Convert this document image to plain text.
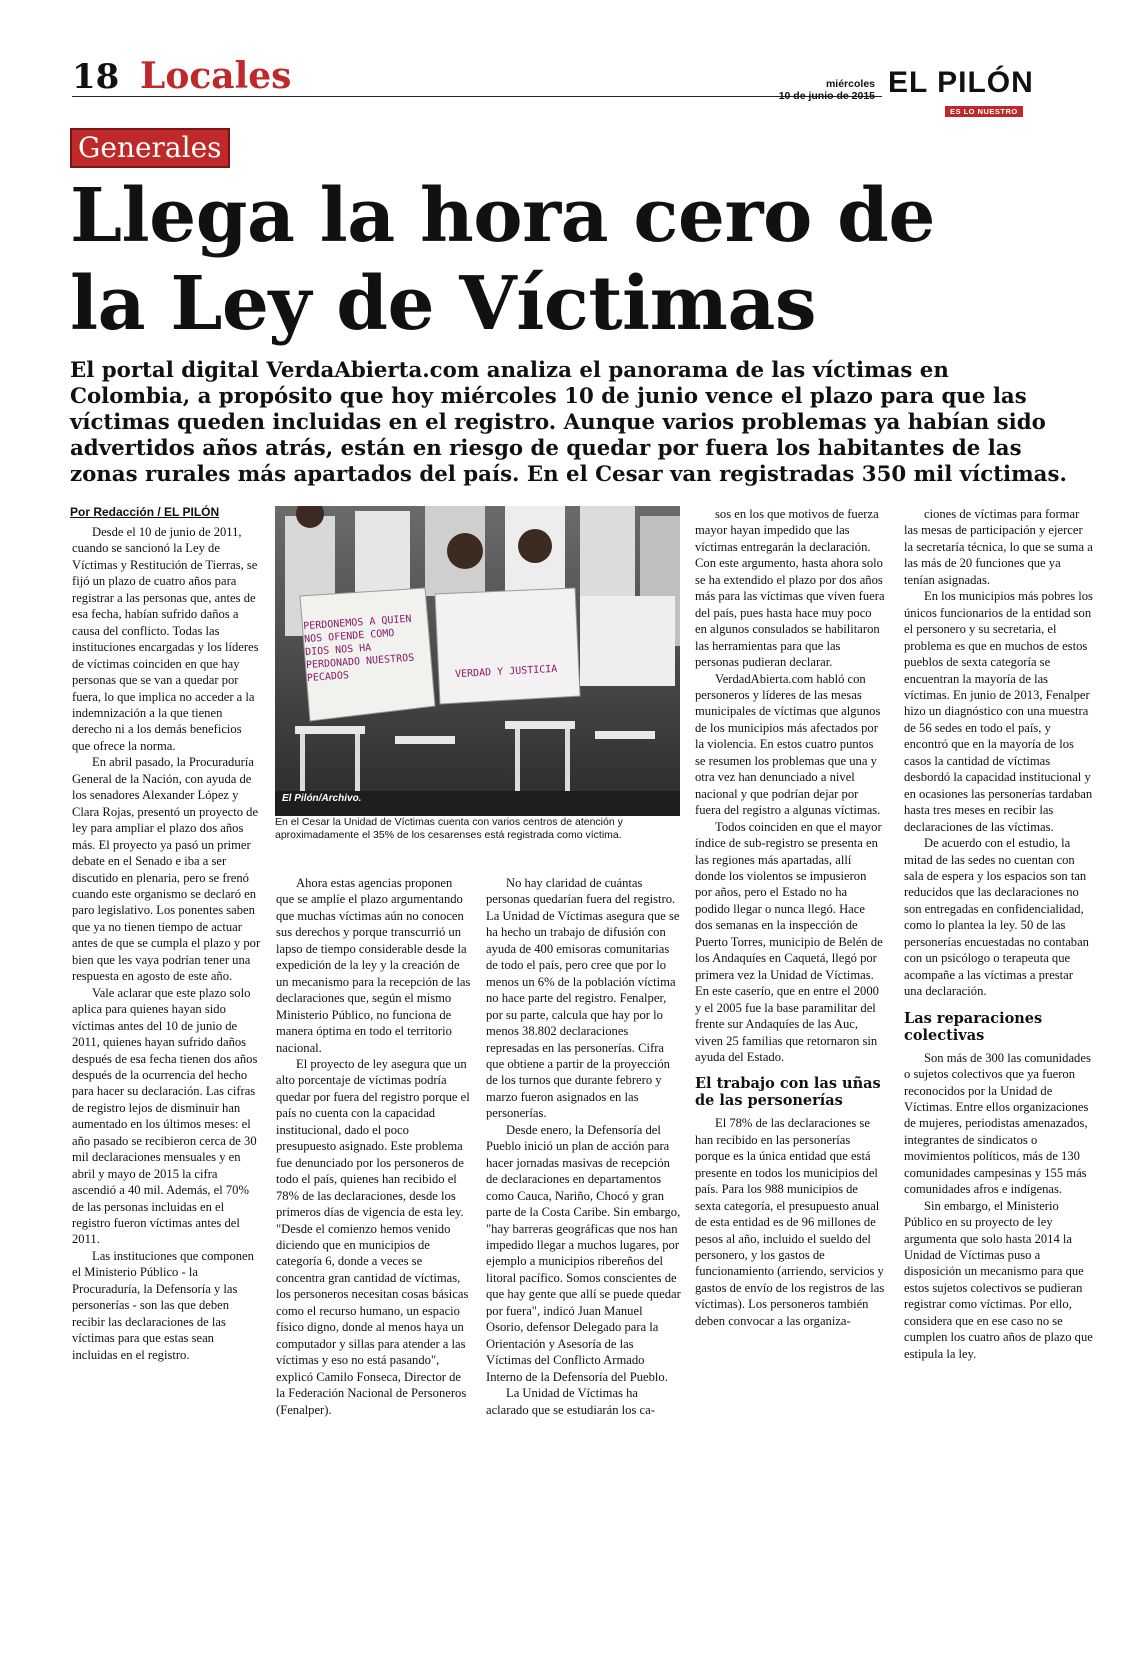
18 Locales	miércoles
10 de junio de 2015 EL PILÓN
ES LO NUESTRO
Generales
Llega la hora cero de
la Ley de Víctimas
El portal digital VerdaAbierta.com analiza el panorama de las víctimas en Colombia, a propósito que hoy miércoles 10 de junio vence el plazo para que las víctimas queden incluidas en el registro. Aunque varios problemas ya habían sido advertidos años atrás, están en riesgo de quedar por fuera los habitantes de las zonas rurales más apartados del país. En el Cesar van registradas 350 mil víctimas.
Por Redacción / EL PILÓN
PERDONEMOS A QUIEN NOS OFENDE COMO DIOS NOS HA PERDONADO NUESTROS PECADOS	VERDAD Y JUSTICIA
El Pilón/Archivo.
En el Cesar la Unidad de Víctimas cuenta con varios centros de atención y aproximadamente el 35% de los cesarenses está registrada como víctima.

Desde el 10 de junio de 2011, cuando se sancionó la Ley de Víctimas y Restitución de Tierras, se fijó un plazo de cuatro años para registrar a las personas que, antes de esa fecha, habían sufrido daños a causa del conflicto. Todas las instituciones encargadas y los líderes de víctimas coinciden en que hay personas que se van a quedar por fuera, lo que implica no acceder a la indemnización a la que tienen derecho ni a los demás beneficios que ofrece la norma.

En abril pasado, la Procuraduría General de la Nación, con ayuda de los senadores Alexander López y Clara Rojas, presentó un proyecto de ley para ampliar el plazo dos años más. El proyecto ya pasó un primer debate en el Senado e iba a ser discutido en plenaria, pero se frenó cuando este organismo se declaró en paro legislativo. Los ponentes saben que ya no tienen tiempo de actuar antes de que se cumpla el plazo y por bien que les vaya podrían tener una respuesta en agosto de este año.

Vale aclarar que este plazo solo aplica para quienes hayan sido víctimas antes del 10 de junio de 2011, quienes hayan sufrido daños después de esa fecha tienen dos años después de la ocurrencia del hecho para hacer su declaración. Las cifras de registro lejos de disminuir han aumentado en los últimos meses: el año pasado se recibieron cerca de 30 mil declaraciones mensuales y en abril y mayo de 2015 la cifra ascendió a 40 mil. Además, el 70% de las personas incluidas en el registro fueron víctimas antes del 2011.

Las instituciones que componen el Ministerio Público - la Procuraduría, la Defensoría y las personerías - son las que deben recibir las declaraciones de las víctimas para que estas sean incluidas en el registro.

Ahora estas agencias proponen que se amplíe el plazo argumentando que muchas víctimas aún no conocen sus derechos y porque transcurrió un lapso de tiempo considerable desde la expedición de la ley y la creación de un mecanismo para la recepción de las declaraciones que, según el mismo Ministerio Público, no funciona de manera óptima en todo el territorio nacional.

El proyecto de ley asegura que un alto porcentaje de víctimas podría quedar por fuera del registro porque el país no cuenta con la capacidad institucional, dado el poco presupuesto asignado. Este problema fue denunciado por los personeros de todo el país, quienes han recibido el 78% de las declaraciones, desde los primeros días de vigencia de esta ley. "Desde el comienzo hemos venido diciendo que en municipios de categoría 6, donde a veces se concentra gran cantidad de víctimas, los personeros necesitan cosas básicas como el recurso humano, un espacio físico digno, donde al menos haya un computador y sillas para atender a las víctimas y eso no está pasando", explicó Camilo Fonseca, Director de la Federación Nacional de Personeros (Fenalper).

No hay claridad de cuántas personas quedarían fuera del registro. La Unidad de Víctimas asegura que se ha hecho un trabajo de difusión con ayuda de 400 emisoras comunitarias de todo el país, pero cree que por lo menos un 6% de la población víctima no hace parte del registro. Fenalper, por su parte, calcula que hay por lo menos 38.802 declaraciones represadas en las personerías. Cifra que obtiene a partir de la proyección de los turnos que durante febrero y marzo fueron asignados en las personerías.

Desde enero, la Defensoría del Pueblo inició un plan de acción para hacer jornadas masivas de recepción de declaraciones en departamentos como Cauca, Nariño, Chocó y gran parte de la Costa Caribe. Sin embargo, "hay barreras geográficas que nos han impedido llegar a muchos lugares, por ejemplo a municipios ribereños del litoral pacífico. Somos conscientes de que hay gente que allí se puede quedar por fuera", indicó Juan Manuel Osorio, defensor Delegado para la Orientación y Asesoría de las Víctimas del Conflicto Armado Interno de la Defensoría del Pueblo.

La Unidad de Víctimas ha aclarado que se estudiarán los ca-

sos en los que motivos de fuerza mayor hayan impedido que las víctimas entregarán la declaración. Con este argumento, hasta ahora solo se ha extendido el plazo por dos años más para las víctimas que viven fuera del país, pues hasta hace muy poco en algunos consulados se habilitaron las herramientas para que las personas pudieran declarar.

VerdadAbierta.com habló con personeros y líderes de las mesas municipales de víctimas que algunos de los municipios más afectados por la violencia. En estos cuatro puntos se resumen los problemas que una y otra vez han denunciado a nivel nacional y que podrían dejar por fuera del registro a algunas víctimas.

Todos coinciden en que el mayor índice de sub-registro se presenta en las regiones más apartadas, allí donde los violentos se impusieron por años, pero el Estado no ha podido llegar o nunca llegó. Hace dos semanas en la inspección de Puerto Torres, municipio de Belén de los Andaquíes en Caquetá, llegó por primera vez la Unidad de Víctimas. En este caserío, que en entre el 2000 y el 2005 fue la base paramilitar del frente sur Andaquíes de las Auc, viven 25 familias que retornaron sin ayuda del Estado.

El trabajo con las uñas de las personerías

El 78% de las declaraciones se han recibido en las personerías porque es la única entidad que está presente en todos los municipios del país. Para los 988 municipios de sexta categoría, el presupuesto anual de esta entidad es de 96 millones de pesos al año, incluido el sueldo del personero, y los gastos de funcionamiento (arriendo, servicios y gastos de envío de los registros de las víctimas). Los personeros también deben convocar a las organiza-

ciones de víctimas para formar las mesas de participación y ejercer la secretaría técnica, lo que se suma a las más de 20 funciones que ya tenían asignadas.

En los municipios más pobres los únicos funcionarios de la entidad son el personero y su secretaria, el problema es que en muchos de estos pueblos de sexta categoría se encuentran la mayoría de las víctimas. En junio de 2013, Fenalper hizo un diagnóstico con una muestra de 56 sedes en todo el país, y encontró que en la mayoría de los casos la cantidad de víctimas desbordó la capacidad institucional y en ocasiones las personerías tardaban hasta tres meses en recibir las declaraciones de las víctimas.

De acuerdo con el estudio, la mitad de las sedes no cuentan con sala de espera y los espacios son tan reducidos que las declaraciones no son entregadas en confidencialidad, como lo plantea la ley. 50 de las personerías encuestadas no contaban con un psicólogo o terapeuta que acompañe a las víctimas a prestar una declaración.

Las reparaciones colectivas

Son más de 300 las comunidades o sujetos colectivos que ya fueron reconocidos por la Unidad de Víctimas. Entre ellos organizaciones de mujeres, periodistas amenazados, integrantes de sindicatos o movimientos políticos, más de 130 comunidades campesinas y 155 más comunidades afros e indígenas.

Sin embargo, el Ministerio Público en su proyecto de ley argumenta que solo hasta 2014 la Unidad de Víctimas puso a disposición un mecanismo para que estos sujetos colectivos se pudieran registrar como víctimas. Por ello, considera que en ese caso no se cumplen los cuatro años de plazo que estipula la ley.
